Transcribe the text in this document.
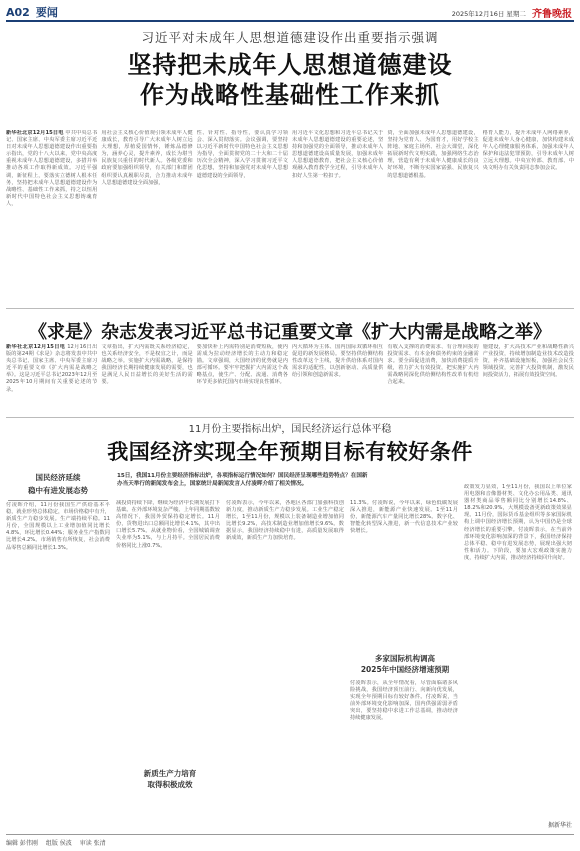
A02 要闻	2025年12月16日 星期二 齐鲁晚报
习近平对未成年人思想道德建设作出重要指示强调
坚持把未成年人思想道德建设
作为战略性基础性工作来抓
新华社北京12月15日电 中共中央总书记、国家主席、中央军委主席习近平近日对未成年人思想道德建设作出重要指示指出，党的十八大以来，党中央高度重视未成年人思想道德建设，多措并举推动各项工作取得新成效。习近平强调，新征程上，要落实立德树人根本任务，坚持把未成年人思想道德建设作为战略性、基础性工作来抓，持之以恒用新时代中国特色社会主义思想铸魂育人，
用社会主义核心价值观引领未成年人健康成长，教育引导广大未成年人树立远大理想，厚植爱国情怀，锤炼品德修为，涵养心灵，提升素养，成长为堪当民族复兴重任的时代新人。各级党委和政府要加强组织领导，有关部门和群团组织要认真履职尽责，合力推动未成年人思想道德建设全面加强，
性、针对性、指导性，要认真学习领会、深入贯彻落实。会议强调，要坚持以习近平新时代中国特色社会主义思想为指导，全面贯彻党的二十大和二十届历次全会精神，深入学习贯彻习近平文化思想，坚持和加强党对未成年人思想道德建设的全面领导，
用习近平文化思想和习近平总书记关于未成年人思想道德建设的重要论述，坚持和加强党的全面领导，推动未成年人思想道德建设高质量发展，加强未成年人思想道德教育，把社会主义核心价值观融入教育教学全过程，引导未成年人扣好人生第一粒扣子。
资，全面加强未成年人思想道德建设，坚持为党育人、为国育才，用好学校主阵地、家庭主场所、社会大课堂，深化拓展新时代文明实践，加强网络生态治理，营造有利于未成年人健康成长的良好环境，不断夯实国家富强、民族复兴的思想道德根基。
格育人能力，提升未成年人网络素养，促进未成年人身心健康，加快构建未成年人心理健康服务体系，加强未成年人保护和违法犯罪预防，引导未成年人树立远大理想。中央宣传部、教育部、中央文明办有关负责同志参加会议。
《求是》杂志发表习近平总书记重要文章《扩大内需是战略之举》
新华社北京12月15日电 12月16日出版的第24期《求是》杂志将发表中共中央总书记、国家主席、中央军委主席习近平的重要文章《扩大内需是战略之举》。这是习近平总书记2023年12月至2025年10月期间有关重要论述的节录。
文章指出，扩大内需既关系经济稳定，也关系经济安全，不是权宜之计，而是战略之举。实施扩大内需战略，是保持我国经济长期持续健康发展的需要，也是满足人民日益增长的美好生活的需要。
要加快补上内需特别是消费短板，使内需成为拉动经济增长的主动力和稳定锚。文章强调，大国经济的优势就是内部可循环。要牢牢把握扩大内需这个战略基点，使生产、分配、流通、消费各环节更多依托国内市场实现良性循环。
内大循环为主体、国内国际双循环相互促进的新发展格局。要坚持供给侧结构性改革这个主线，提升供给体系对国内需求的适配性，以创新驱动、高质量供给引领和创造新需求。
有收入支撑的消费需求、有合理回报的投资需求、有本金和债务约束的金融需求。要全面促进消费，加快消费提质升级，着力扩大有效投资，把实施扩大内需战略同深化供给侧结构性改革有机结合起来。
施建设，扩大高技术产业和战略性新兴产业投资，持续增加制造业技术改造投资，补齐基础设施短板，加强社会民生领域投资，完善扩大投资机制，激发民间投资活力，拓展有效投资空间。
11月份主要指标出炉，国民经济运行总体平稳
我国经济实现全年预期目标有较好条件
15日，我国11月份主要经济指标出炉，各项指标运行情况如何？国民经济呈现哪些趋势特点？在国新
办当天举行的新闻发布会上，国家统计局新闻发言人付凌晖介绍了相关情况。
国民经济延续
稳中有进发展态势
付凌晖介绍，11月份我国生产供给基本平稳，就业形势总体稳定，市场价格稳中有升，新质生产力稳步发展。生产端持续平稳。11月份，全国规模以上工业增加值同比增长4.8%，环比增长0.44%；服务业生产指数同比增长4.2%。市场销售有所恢复，社会消费品零售总额同比增长1.3%。
减投资持续下降，继续为经济中长期发展打下基础。在外部环境复杂严峻、上年同期基数较高情况下，我国外贸保持稳定增长。11月份，货物进出口总额同比增长4.1%，其中出口增长5.7%。从就业物价看，全国城镇调查失业率为5.1%，与上月持平。全国居民消费价格同比上涨0.7%。
付凌晖表示，今年以来，各地区各部门加强科技创新力度，推动新质生产力稳步发展。工业生产稳定增长，1至11月份，规模以上装备制造业增加值同比增长9.2%，高技术制造业增加值增长9.6%。数据显示，我国经济持续稳中有进，高质量发展取得新成效，新质生产力加快培育。
11.3%。付凌晖说，今年以来，绿色低碳发展深入推进，新能源产业快速发展。1至11月份，新能源汽车产量同比增长28%。数字化、智能化转型深入推进，新一代信息技术产业较快增长。
付凌晖表示，从全年情况看，尽管面临诸多风险挑战，我国经济顶压前行、向新向优发展，实现全年预期目标有较好条件。付凌晖说，当前外部环境变化影响加深，国内供强需弱矛盾突出，要坚持稳中求进工作总基调，推动经济持续健康发展。
政策发力显效，1至11月份，我国以上单位家用电器和音像器材类、文化办公用品类、通讯器材类商品零售额同比分别增长14.8%、18.2%和20.9%，大规模设备更新政策效果显现。11月份，国际货币基金组织等多家国际机构上调中国经济增长预期，认为中国仍是全球经济增长的重要引擎。付凌晖表示，在当前外部环境变化影响加深的背景下，我国经济保持总体平稳、稳中有进发展态势，展现出强大韧性和活力。下阶段，要加大宏观政策实施力度，持续扩大内需，推动经济持续回升向好。
新质生产力培育
取得积极成效
多家国际机构调高
2025年中国经济增速预期
据新华社
编辑 彭伟刚 组版 侯波 审读 张清
